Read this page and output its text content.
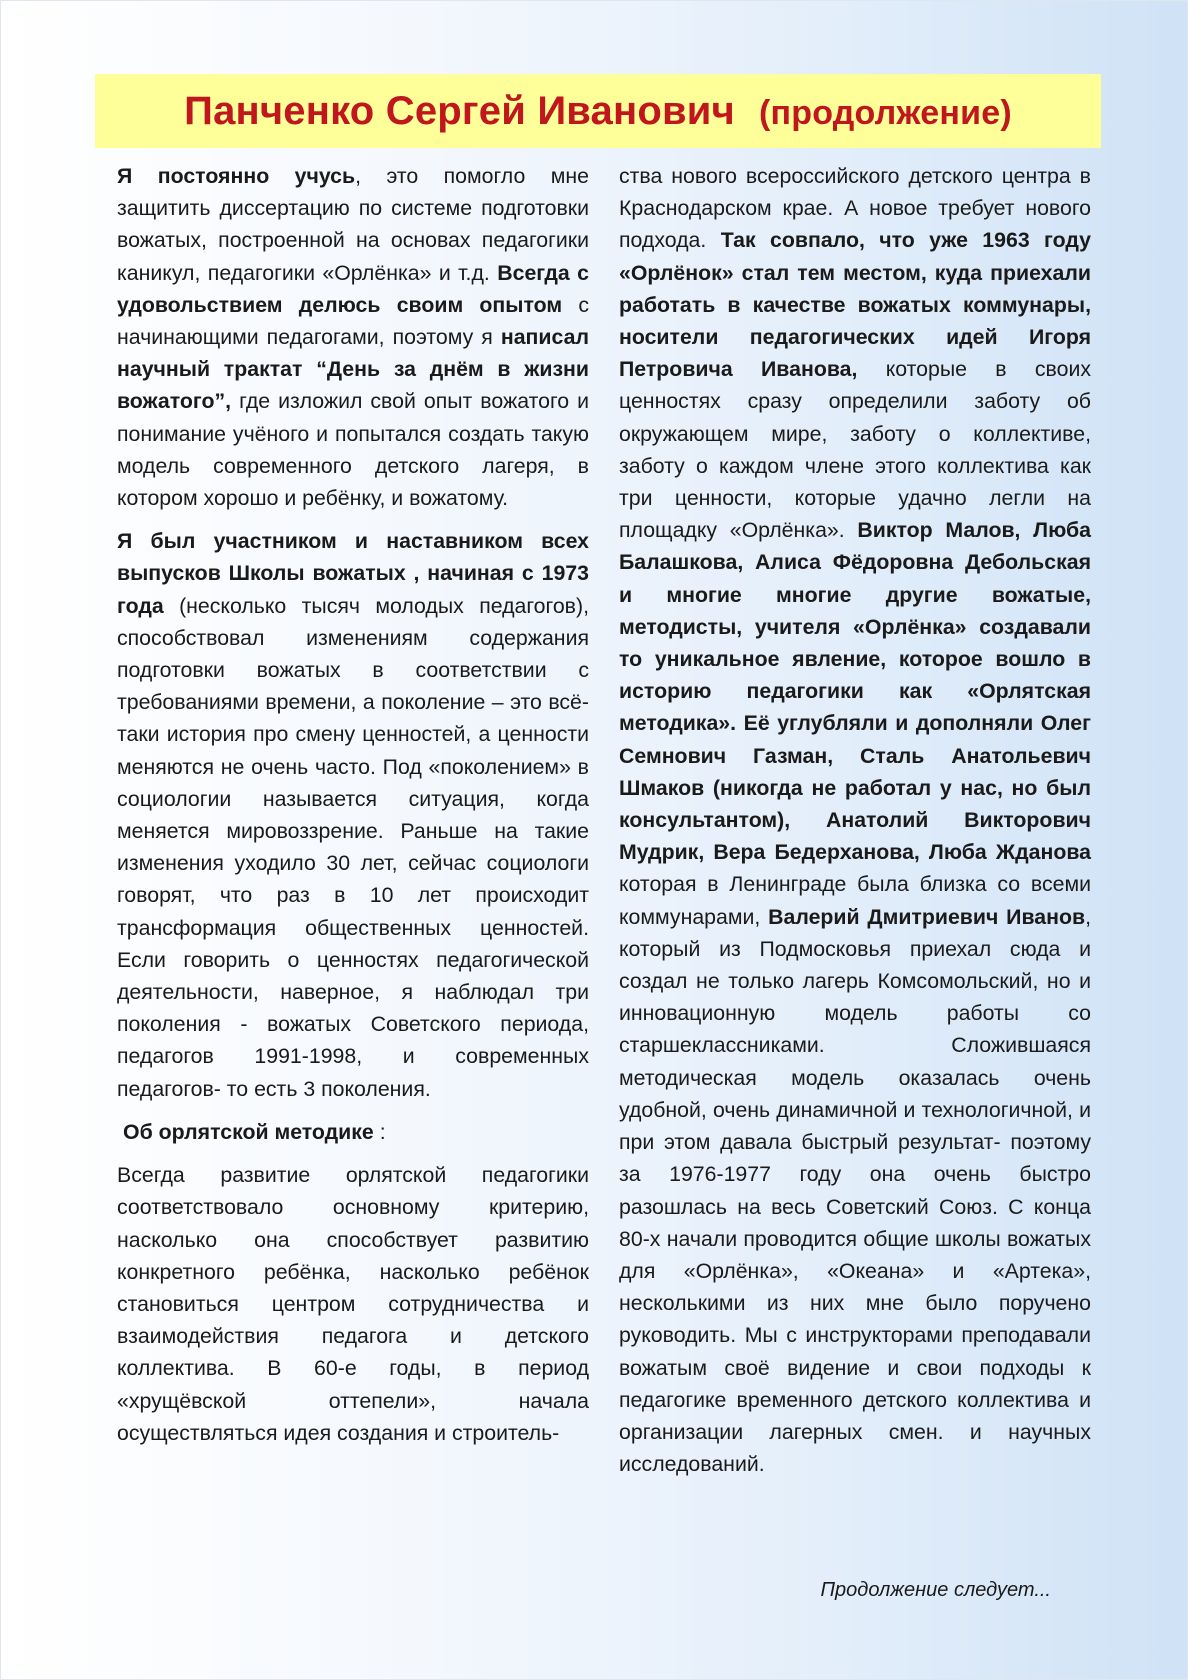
Панченко Сергей Иванович (продолжение)

Я постоянно учусь, это помогло мне защитить диссертацию по системе подготовки вожатых, построенной на основах педагогики каникул, педагогики «Орлёнка» и т.д. Всегда с удовольствием делюсь своим опытом с начинающими педагогами, поэтому я написал научный трактат “День за днём в жизни вожатого”, где изложил свой опыт вожатого и понимание учёного и попытался создать такую модель современного детского лагеря, в котором хорошо и ребёнку, и вожатому.

Я был участником и наставником всех выпусков Школы вожатых , начиная с 1973 года (несколько тысяч молодых педагогов), способствовал изменениям содержания подготовки вожатых в соответствии с требованиями времени, а поколение – это всё-таки история про смену ценностей, а ценности меняются не очень часто. Под «поколением» в социологии называется ситуация, когда меняется мировоззрение. Раньше на такие изменения уходило 30 лет, сейчас социологи говорят, что раз в 10 лет происходит трансформация общественных ценностей. Если говорить о ценностях педагогической деятельности, наверное, я наблюдал три поколения - вожатых Советского периода, педагогов 1991-1998, и современных педагогов- то есть 3 поколения.

Об орлятской методике :

Всегда развитие орлятской педагогики соответствовало основному критерию, насколько она способствует развитию конкретного ребёнка, насколько ребёнок становиться центром сотрудничества и взаимодействия педагога и детского коллектива. В 60-е годы, в период «хрущёвской оттепели», начала осуществляться идея создания и строитель-

ства нового всероссийского детского центра в Краснодарском крае. А новое требует нового подхода. Так совпало, что уже 1963 году «Орлёнок» стал тем местом, куда приехали работать в качестве вожатых коммунары, носители педагогических идей Игоря Петровича Иванова, которые в своих ценностях сразу определили заботу об окружающем мире, заботу о коллективе, заботу о каждом члене этого коллектива как три ценности, которые удачно легли на площадку «Орлёнка». Виктор Малов, Люба Балашкова, Алиса Фёдоровна Дебольская и многие многие другие вожатые, методисты, учителя «Орлёнка» создавали то уникальное явление, которое вошло в историю педагогики как «Орлятская методика». Её углубляли и дополняли Олег Семнович Газман, Сталь Анатольевич Шмаков (никогда не работал у нас, но был консультантом), Анатолий Викторович Мудрик, Вера Бедерханова, Люба Жданова которая в Ленинграде была близка со всеми коммунарами, Валерий Дмитриевич Иванов, который из Подмосковья приехал сюда и создал не только лагерь Комсомольский, но и инновационную модель работы со старшеклассниками. Сложившаяся методическая модель оказалась очень удобной, очень динамичной и технологичной, и при этом давала быстрый результат- поэтому за 1976-1977 году она очень быстро разошлась на весь Советский Союз. С конца 80-х начали проводится общие школы вожатых для «Орлёнка», «Океана» и «Артека», несколькими из них мне было поручено руководить. Мы с инструкторами преподавали вожатым своё видение и свои подходы к педагогике временного детского коллектива и организации лагерных смен. и научных исследований.

Продолжение следует...
